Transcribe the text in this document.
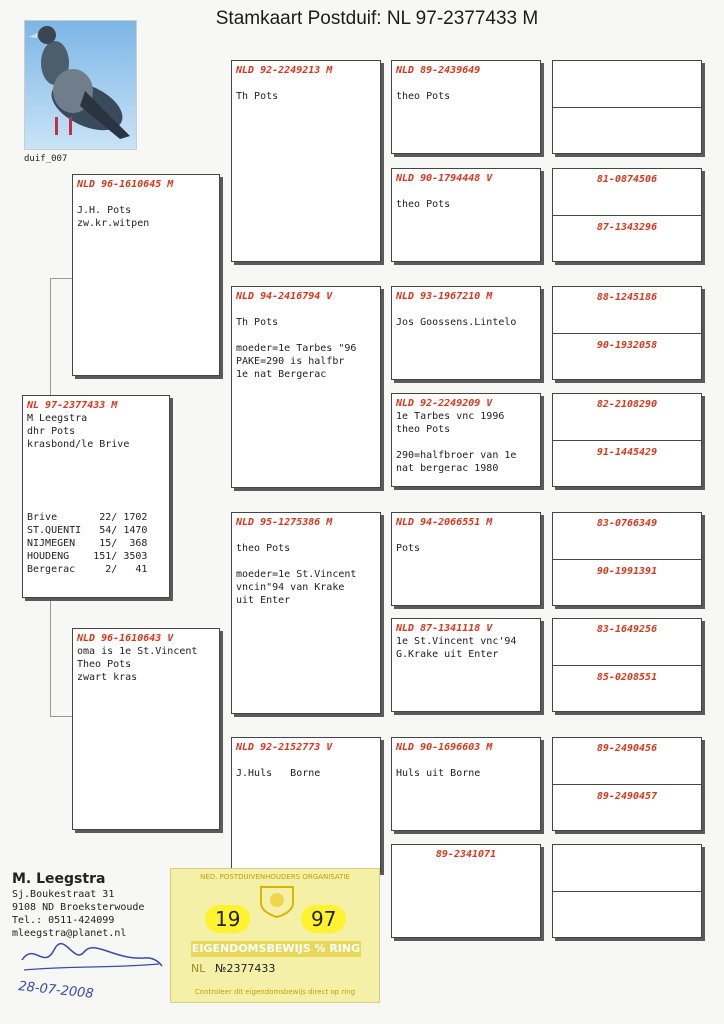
Stamkaart Postduif: NL 97-2377433 M
duif_007
NL 97-2377433 M
M Leegstra
dhr Pots
krasbond/le Brive
Brive       22/ 1702
ST.QUENTI   54/ 1470
NIJMEGEN    15/  368
HOUDENG    151/ 3503
Bergerac     2/   41
NLD 96-1610645 M
J.H. Pots
zw.kr.witpen
NLD 96-1610643 V
oma is 1e St.Vincent
Theo Pots
zwart kras
NLD 92-2249213 M
Th Pots
NLD 94-2416794 V
Th Pots
moeder=1e Tarbes "96
PAKE=290 is halfbr
1e nat Bergerac
NLD 95-1275386 M
theo Pots
moeder=1e St.Vincent
vncin"94 van Krake
uit Enter
NLD 92-2152773 V
J.Huls   Borne
NLD 89-2439649
theo Pots
NLD 90-1794448 V
theo Pots
NLD 93-1967210 M
Jos Goossens.Lintelo
NLD 92-2249209 V
1e Tarbes vnc 1996
theo Pots
290=halfbroer van 1e
nat bergerac 1980
NLD 94-2066551 M
Pots
NLD 87-1341118 V
1e St.Vincent vnc'94
G.Krake uit Enter
NLD 90-1696603 M
Huls uit Borne
89-2341071
81-0874506
87-1343296
88-1245186
90-1932058
82-2108290
91-1445429
83-0766349
90-1991391
83-1649256
85-0208551
89-2490456
89-2490457
M. Leegstra
Sj.Boukestraat 31
9108 ND Broeksterwoude
Tel.: 0511-424099
mleegstra@planet.nl
28-07-2008
NED. POSTDUIVENHOUDERS ORGANISATIE
19	97
EIGENDOMSBEWIJS % RING
NL №2377433
Controleer dit eigendomsbewijs direct op ring
